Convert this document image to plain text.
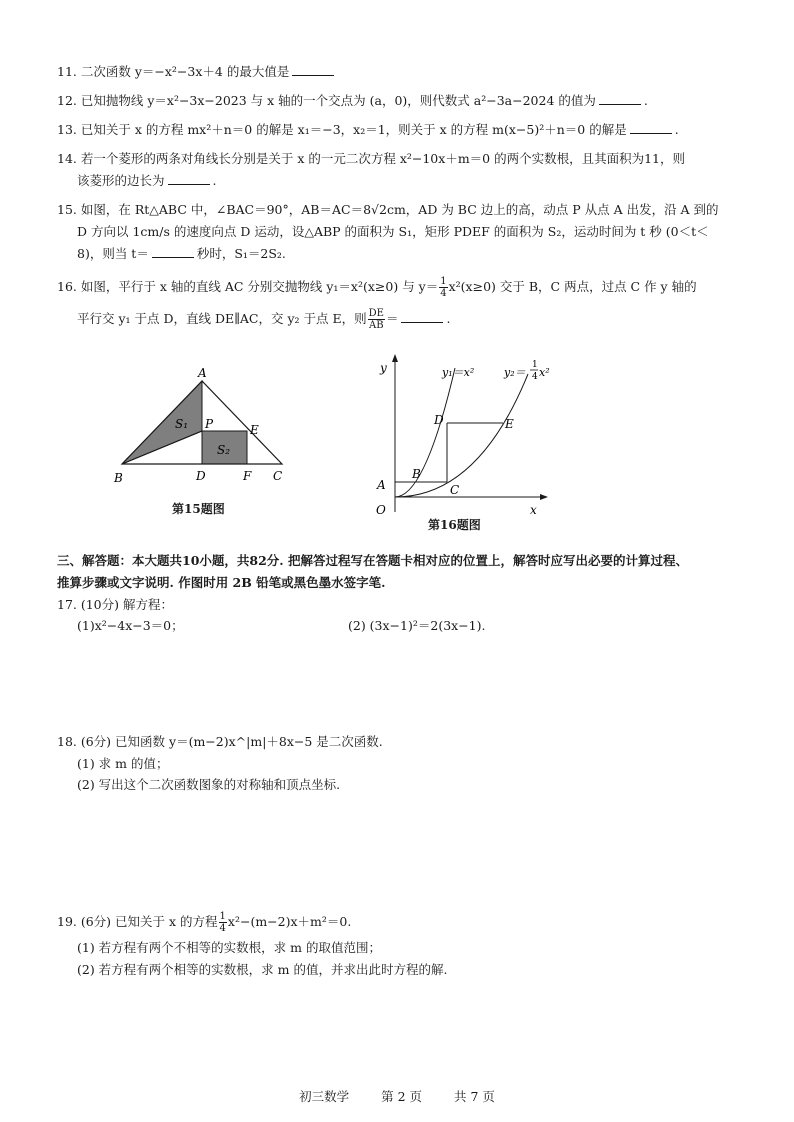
11. 二次函数 y＝−x²−3x＋4 的最大值是
12. 已知抛物线 y＝x²−3x−2023 与 x 轴的一个交点为 (a，0)，则代数式 a²−3a−2024 的值为	.
13. 已知关于 x 的方程 mx²＋n＝0 的解是 x₁＝−3，x₂＝1，则关于 x 的方程 m(x−5)²＋n＝0 的解是	.
14. 若一个菱形的两条对角线长分别是关于 x 的一元二次方程 x²−10x＋m＝0 的两个实数根，且其面积为11，则
该菱形的边长为	.
15. 如图，在 Rt△ABC 中，∠BAC＝90°，AB＝AC＝8√2cm，AD 为 BC 边上的高，动点 P 从点 A 出发，沿 A 到的
D 方向以 1cm/s 的速度向点 D 运动，设△ABP 的面积为 S₁，矩形 PDEF 的面积为 S₂，运动时间为 t 秒 (0＜t＜
8)，则当 t＝	秒时，S₁＝2S₂.
16. 如图，平行于 x 轴的直线 AC 分别交抛物线 y₁＝x²(x≥0) 与 $y= \frac{1}{4} x^2(x\ge 0)$ 交于 B，C 两点，过点 C 作 y 轴的
平行交 y₁ 于点 D，直线 DE∥AC，交 y₂ 于点 E，则 $\frac{DE}{AB}$ ＝	.
A
B	C
D
E
F
P
S₁
S₂
第15题图
y
x
O
A
B
C
D	E
y₁＝x²	y₂＝
1
4 x²
第16题图
三、解答题：本大题共10小题，共82分. 把解答过程写在答题卡相对应的位置上，解答时应写出必要的计算过程、
推算步骤或文字说明. 作图时用 2B 铅笔或黑色墨水签字笔.
17. (10分) 解方程：
(1)x²−4x−3＝0；	(2) (3x−1)²＝2(3x−1).
18. (6分) 已知函数 y＝(m−2)x^|m|＋8x−5 是二次函数.
(1) 求 m 的值；
(2) 写出这个二次函数图象的对称轴和顶点坐标.
19. (6分) 已知关于 x 的方程 $\frac{1}{4} x^2-(m-2)x+m^2=0$.
(1) 若方程有两个不相等的实数根，求 m 的取值范围；
(2) 若方程有两个相等的实数根，求 m 的值，并求出此时方程的解.
初三数学	第 2 页	共 7 页
